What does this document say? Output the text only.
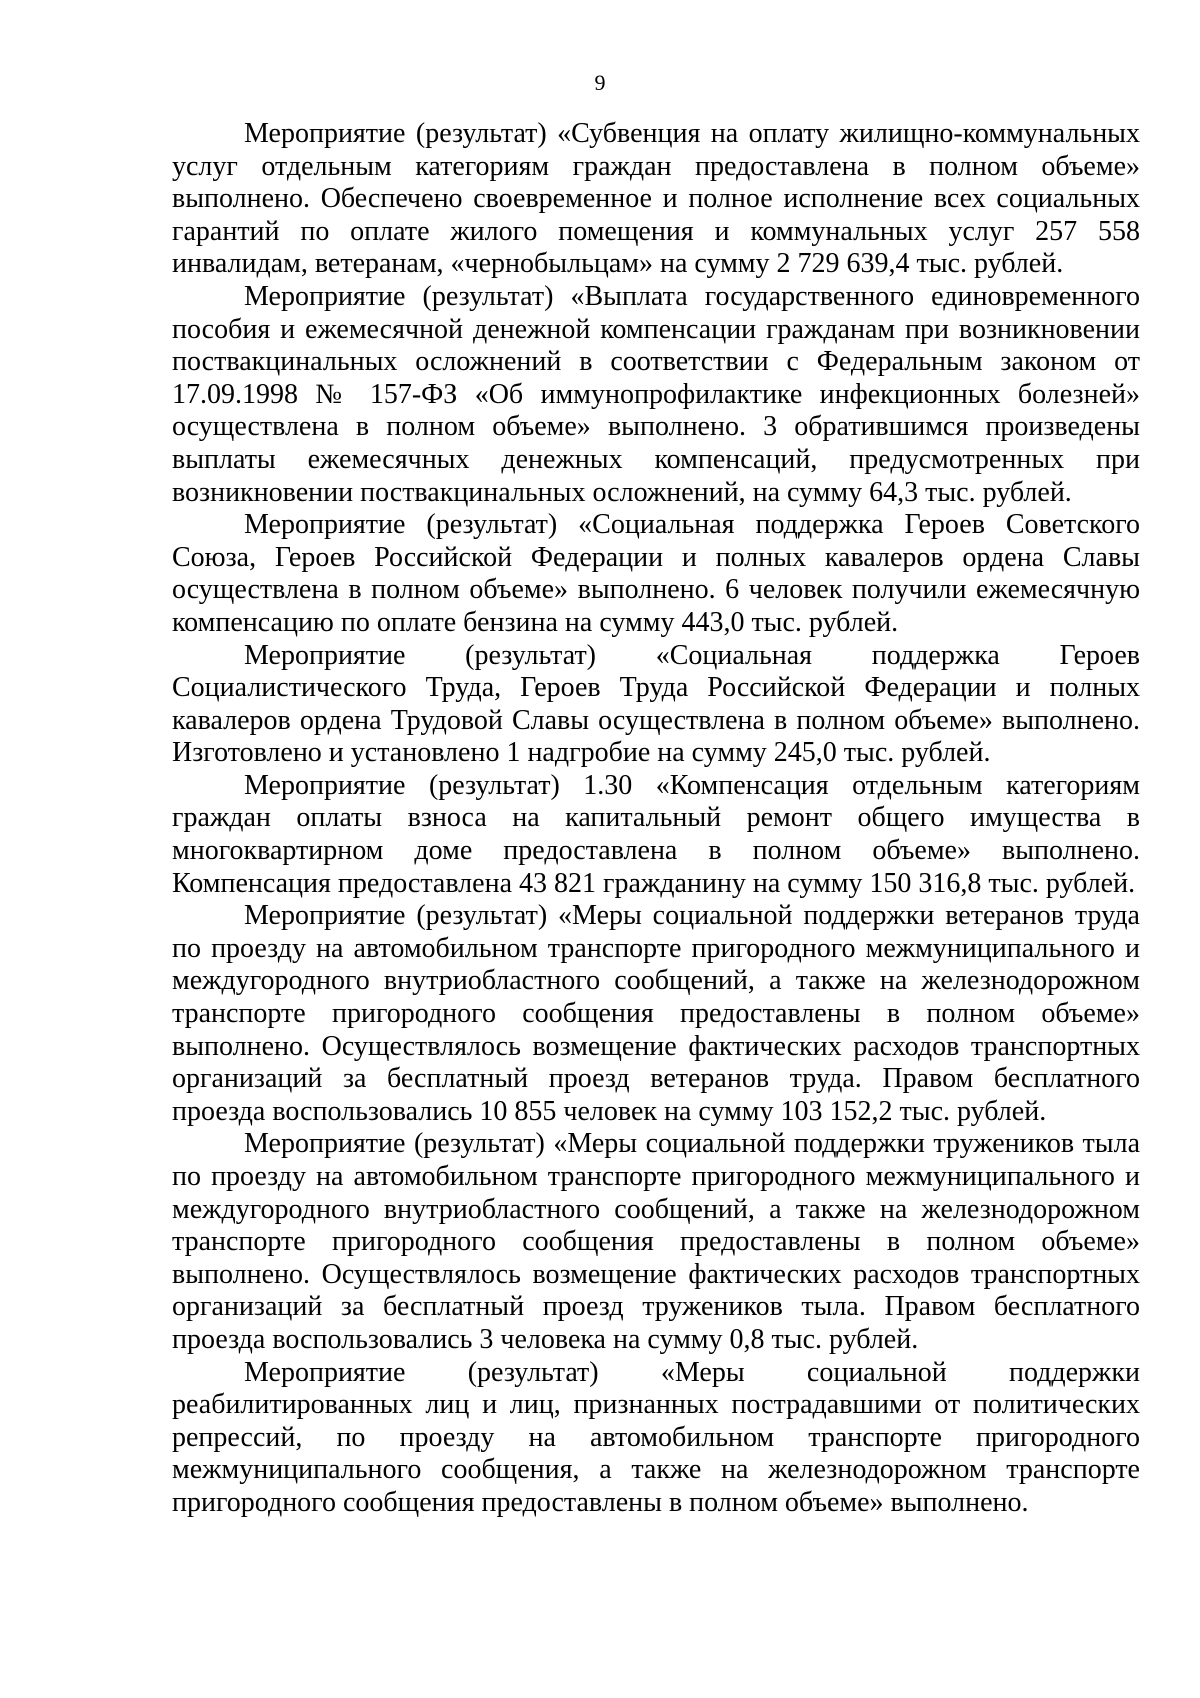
9

Мероприятие (результат) «Субвенция на оплату жилищно-коммунальных услуг отдельным категориям граждан предоставлена в полном объеме» выполнено. Обеспечено своевременное и полное исполнение всех социальных гарантий по оплате жилого помещения и коммунальных услуг 257 558 инвалидам, ветеранам, «чернобыльцам» на сумму 2 729 639,4 тыс. рублей.

Мероприятие (результат) «Выплата государственного единовременного пособия и ежемесячной денежной компенсации гражданам при возникновении поствакцинальных осложнений в соответствии с Федеральным законом от 17.09.1998 № 157-ФЗ «Об иммунопрофилактике инфекционных болезней» осуществлена в полном объеме» выполнено. 3 обратившимся произведены выплаты ежемесячных денежных компенсаций, предусмотренных при возникновении поствакцинальных осложнений, на сумму 64,3 тыс. рублей.

Мероприятие (результат) «Социальная поддержка Героев Советского Союза, Героев Российской Федерации и полных кавалеров ордена Славы осуществлена в полном объеме» выполнено. 6 человек получили ежемесячную компенсацию по оплате бензина на сумму 443,0 тыс. рублей.

Мероприятие (результат) «Социальная поддержка Героев Социалистического Труда, Героев Труда Российской Федерации и полных кавалеров ордена Трудовой Славы осуществлена в полном объеме» выполнено. Изготовлено и установлено 1 надгробие на сумму 245,0 тыс. рублей.

Мероприятие (результат) 1.30 «Компенсация отдельным категориям граждан оплаты взноса на капитальный ремонт общего имущества в многоквартирном доме предоставлена в полном объеме» выполнено. Компенсация предоставлена 43 821 гражданину на сумму 150 316,8 тыс. рублей.

Мероприятие (результат) «Меры социальной поддержки ветеранов труда по проезду на автомобильном транспорте пригородного межмуниципального и междугородного внутриобластного сообщений, а также на железнодорожном транспорте пригородного сообщения предоставлены в полном объеме» выполнено. Осуществлялось возмещение фактических расходов транспортных организаций за бесплатный проезд ветеранов труда. Правом бесплатного проезда воспользовались 10 855 человек на сумму 103 152,2 тыс. рублей.

Мероприятие (результат) «Меры социальной поддержки тружеников тыла по проезду на автомобильном транспорте пригородного межмуниципального и междугородного внутриобластного сообщений, а также на железнодорожном транспорте пригородного сообщения предоставлены в полном объеме» выполнено. Осуществлялось возмещение фактических расходов транспортных организаций за бесплатный проезд тружеников тыла. Правом бесплатного проезда воспользовались 3 человека на сумму 0,8 тыс. рублей.

Мероприятие (результат) «Меры социальной поддержки реабилитированных лиц и лиц, признанных пострадавшими от политических репрессий, по проезду на автомобильном транспорте пригородного межмуниципального сообщения, а также на железнодорожном транспорте пригородного сообщения предоставлены в полном объеме» выполнено.
